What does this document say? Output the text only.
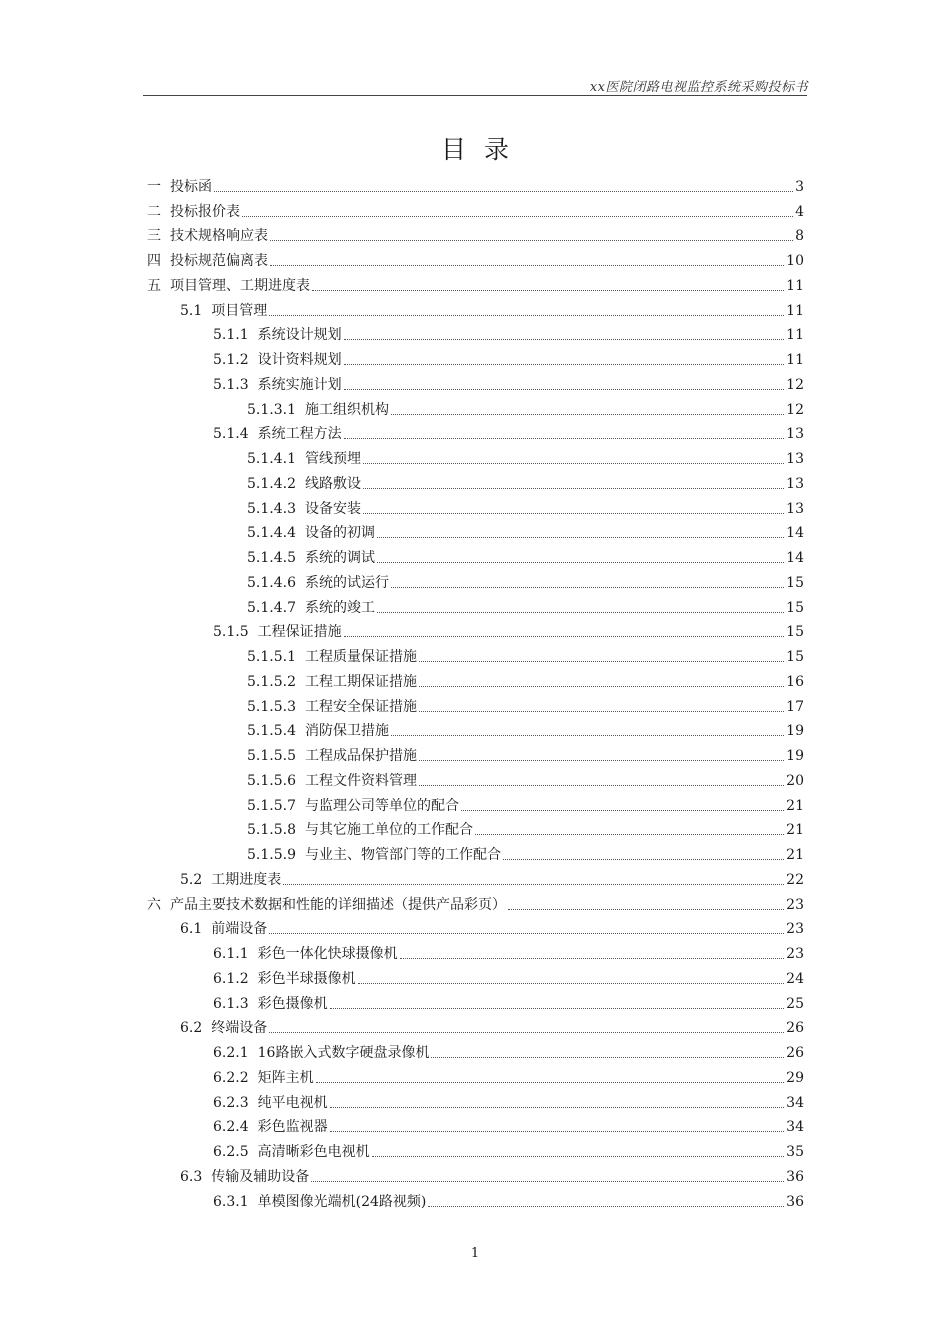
xx医院闭路电视监控系统采购投标书
目录
一 投标函	3
二 投标报价表	4
三 技术规格响应表	8
四 投标规范偏离表	10
五 项目管理、工期进度表	11
5.1 项目管理	11
5.1.1 系统设计规划	11
5.1.2 设计资料规划	11
5.1.3 系统实施计划	12
5.1.3.1 施工组织机构	12
5.1.4 系统工程方法	13
5.1.4.1 管线预埋	13
5.1.4.2 线路敷设	13
5.1.4.3 设备安装	13
5.1.4.4 设备的初调	14
5.1.4.5 系统的调试	14
5.1.4.6 系统的试运行	15
5.1.4.7 系统的竣工	15
5.1.5 工程保证措施	15
5.1.5.1 工程质量保证措施	15
5.1.5.2 工程工期保证措施	16
5.1.5.3 工程安全保证措施	17
5.1.5.4 消防保卫措施	19
5.1.5.5 工程成品保护措施	19
5.1.5.6 工程文件资料管理	20
5.1.5.7 与监理公司等单位的配合	21
5.1.5.8 与其它施工单位的工作配合	21
5.1.5.9 与业主、物管部门等的工作配合	21
5.2 工期进度表	22
六 产品主要技术数据和性能的详细描述（提供产品彩页）	23
6.1 前端设备	23
6.1.1 彩色一体化快球摄像机	23
6.1.2 彩色半球摄像机	24
6.1.3 彩色摄像机	25
6.2 终端设备	26
6.2.1 16路嵌入式数字硬盘录像机	26
6.2.2 矩阵主机	29
6.2.3 纯平电视机	34
6.2.4 彩色监视器	34
6.2.5 高清晰彩色电视机	35
6.3 传输及辅助设备	36
6.3.1 单模图像光端机(24路视频)	36
1
